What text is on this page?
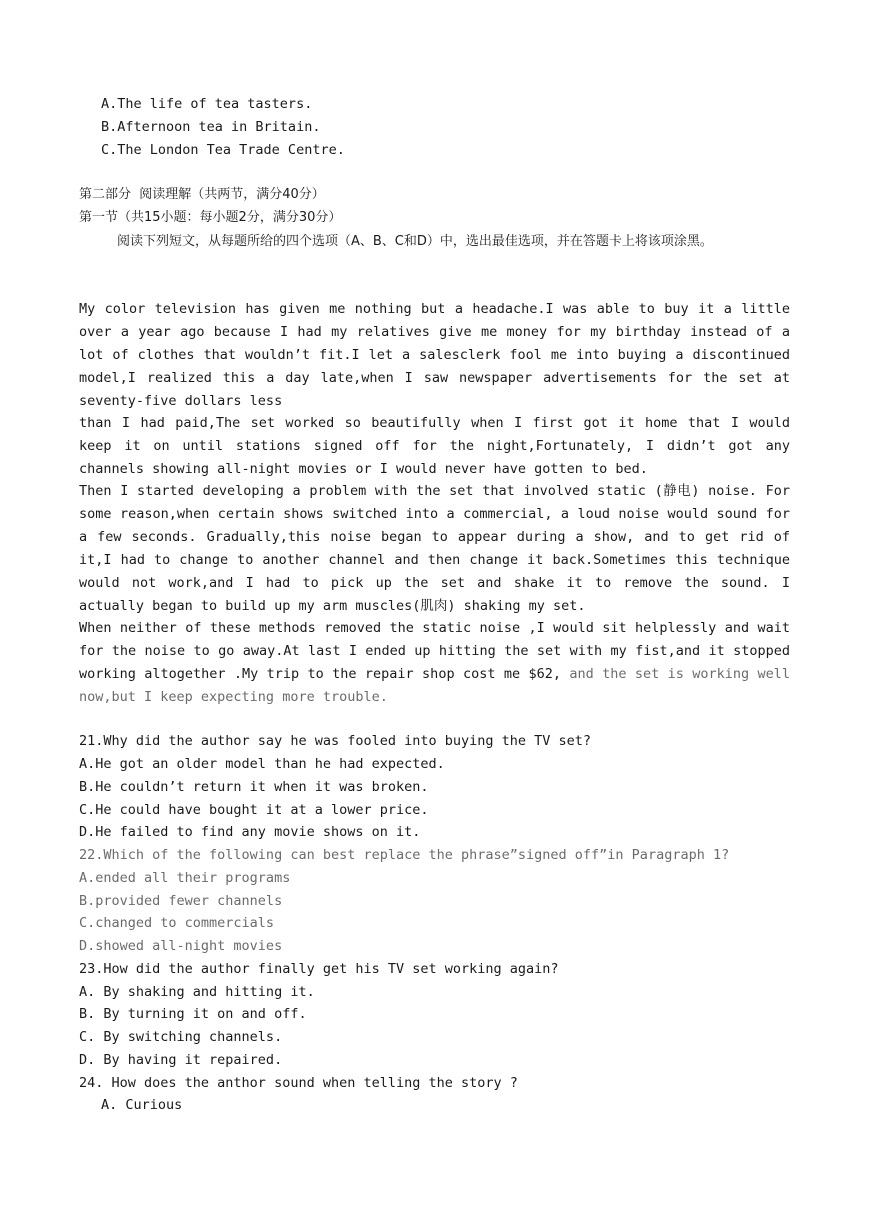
A.The life of tea tasters.
B.Afternoon tea in Britain.
C.The London Tea Trade Centre.
第二部分  阅读理解（共两节，满分40分）
第一节（共15小题：每小题2分，满分30分）
阅读下列短文，从每题所给的四个选项（A、B、C和D）中，选出最佳选项，并在答题卡上将该项涂黑。
My color television has given me nothing but a headache.I was able to buy it a little over a year ago because I had my relatives give me money for my birthday instead of a lot of clothes that wouldn’t fit.I let a salesclerk fool me into buying a discontinued model,I realized this a day late,when I saw newspaper advertisements for the set at seventy-five dollars less
than I had paid,The set worked so beautifully when I first got it home that I would keep it on until stations signed off for the night,Fortunately, I didn’t got any channels showing all-night movies or I would never have gotten to bed.
Then I started developing a problem with the set that involved static (静电) noise. For some reason,when certain shows switched into a commercial, a loud noise would sound for a few seconds. Gradually,this noise began to appear during a show, and to get rid of it,I had to change to another channel and then change it back.Sometimes this technique would not work,and I had to pick up the set and shake it to remove the sound. I actually began to build up my arm muscles(肌肉) shaking my set.
When neither of these methods removed the static noise ,I would sit helplessly and wait for the noise to go away.At last I ended up hitting the set with my fist,and it stopped working altogether .My trip to the repair shop cost me $62, and the set is working well now,but I keep expecting more trouble.
21.Why did the author say he was fooled into buying the TV set?
A.He got an older model than he had expected.
B.He couldn’t return it when it was broken.
C.He could have bought it at a lower price.
D.He failed to find any movie shows on it.
22.Which of the following can best replace the phrase”signed off”in Paragraph 1?
A.ended all their programs
B.provided fewer channels
C.changed to commercials
D.showed all-night movies
23.How did the author finally get his TV set working again?
A. By shaking and hitting it.
B. By turning it on and off.
C. By switching channels.
D. By having it repaired.
24. How does the anthor sound when telling the story ?
A. Curious
